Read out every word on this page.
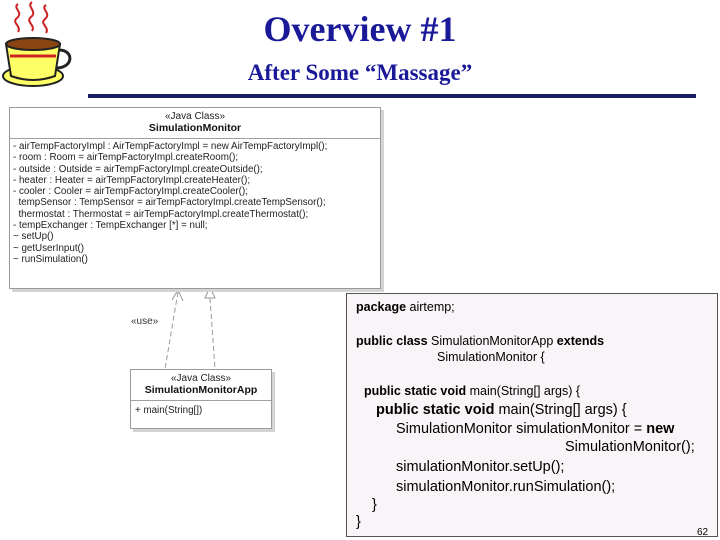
Overview #1
After Some “Massage”
«use»
«Java Class»
SimulationMonitor
- airTempFactoryImpl : AirTempFactoryImpl = new AirTempFactoryImpl();
- room : Room = airTempFactoryImpl.createRoom();
- outside : Outside = airTempFactoryImpl.createOutside();
- heater : Heater = airTempFactoryImpl.createHeater();
- cooler : Cooler = airTempFactoryImpl.createCooler();
tempSensor : TempSensor = airTempFactoryImpl.createTempSensor();
thermostat : Thermostat = airTempFactoryImpl.createThermostat();
- tempExchanger : TempExchanger [*] = null;
~ setUp()
~ getUserInput()
~ runSimulation()
«Java Class»
SimulationMonitorApp
+ main(String[])
package airtemp;
public class SimulationMonitorApp extends
SimulationMonitor {
public static void main(String[] args) {
public static void main(String[] args) {
SimulationMonitor simulationMonitor = new
SimulationMonitor();
simulationMonitor.setUp();
simulationMonitor.runSimulation();
}
}
62
